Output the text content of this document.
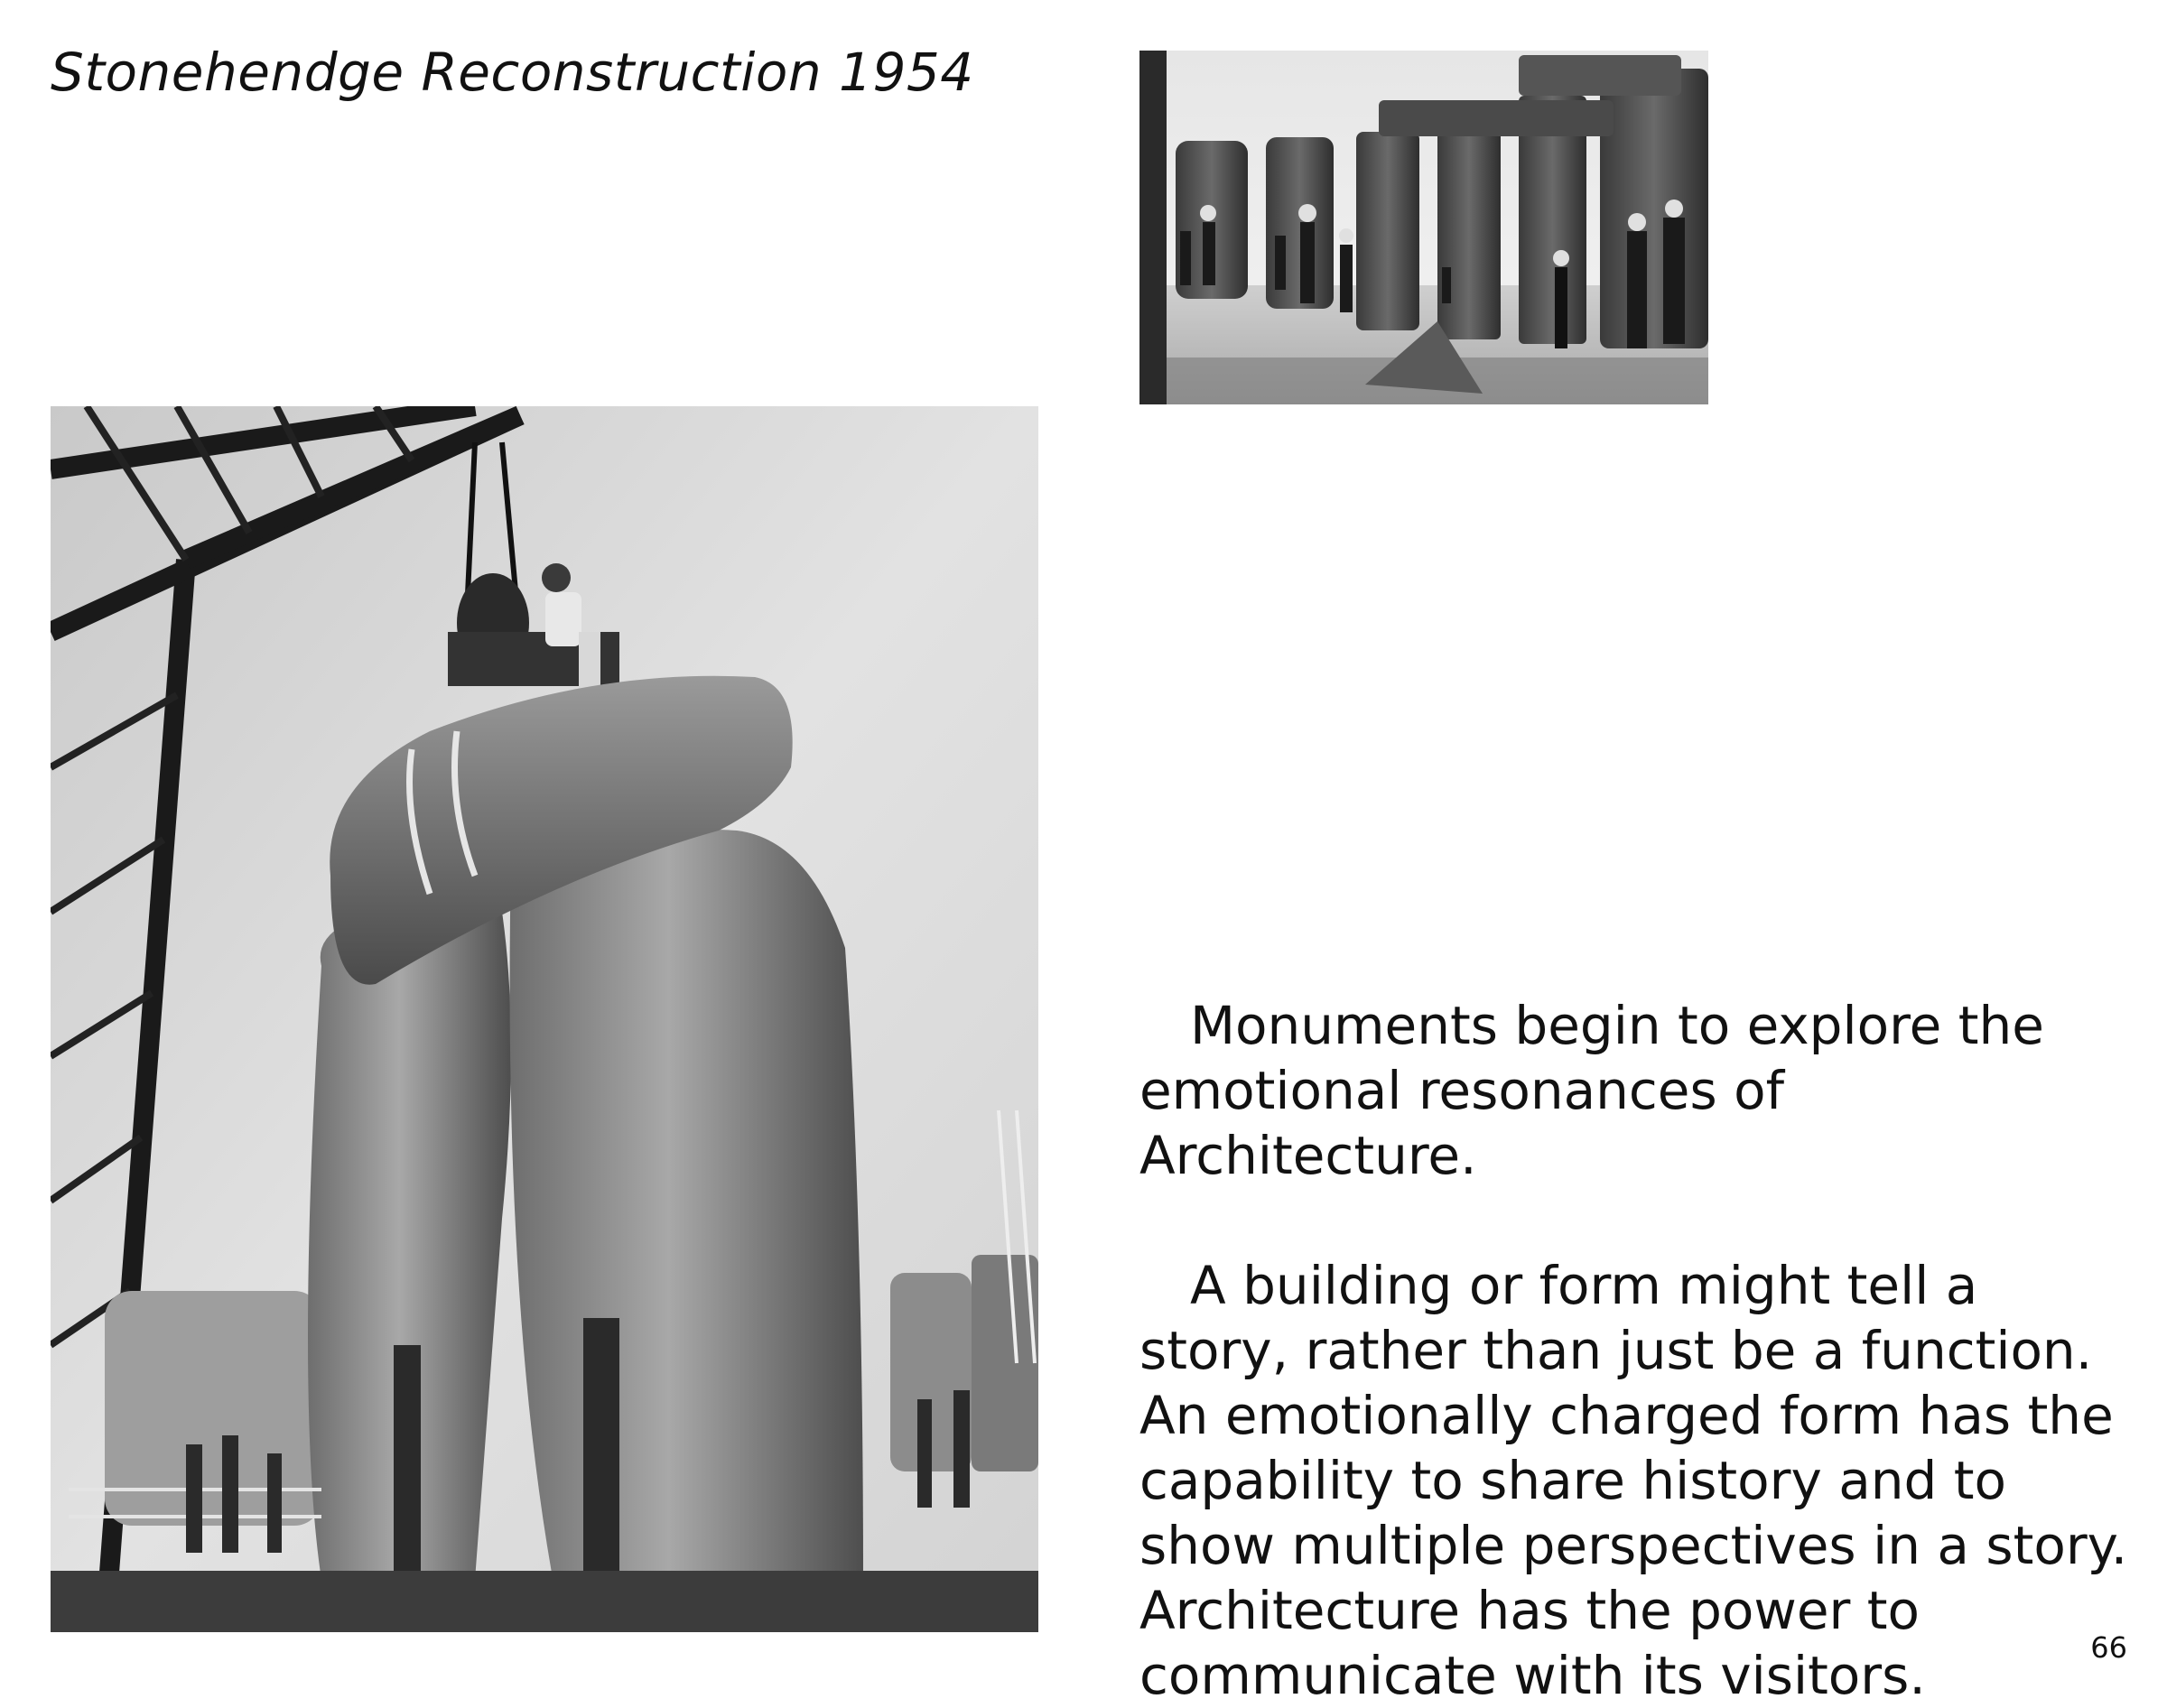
Stonehendge Reconstruction 1954

Monuments begin to explore the emotional resonances of Architecture.

A building or form might tell a story, rather than just be a function. An emotionally charged form has the capability to share history and to show multiple perspectives in a story. Architecture has the power to communicate with its visitors.	66
